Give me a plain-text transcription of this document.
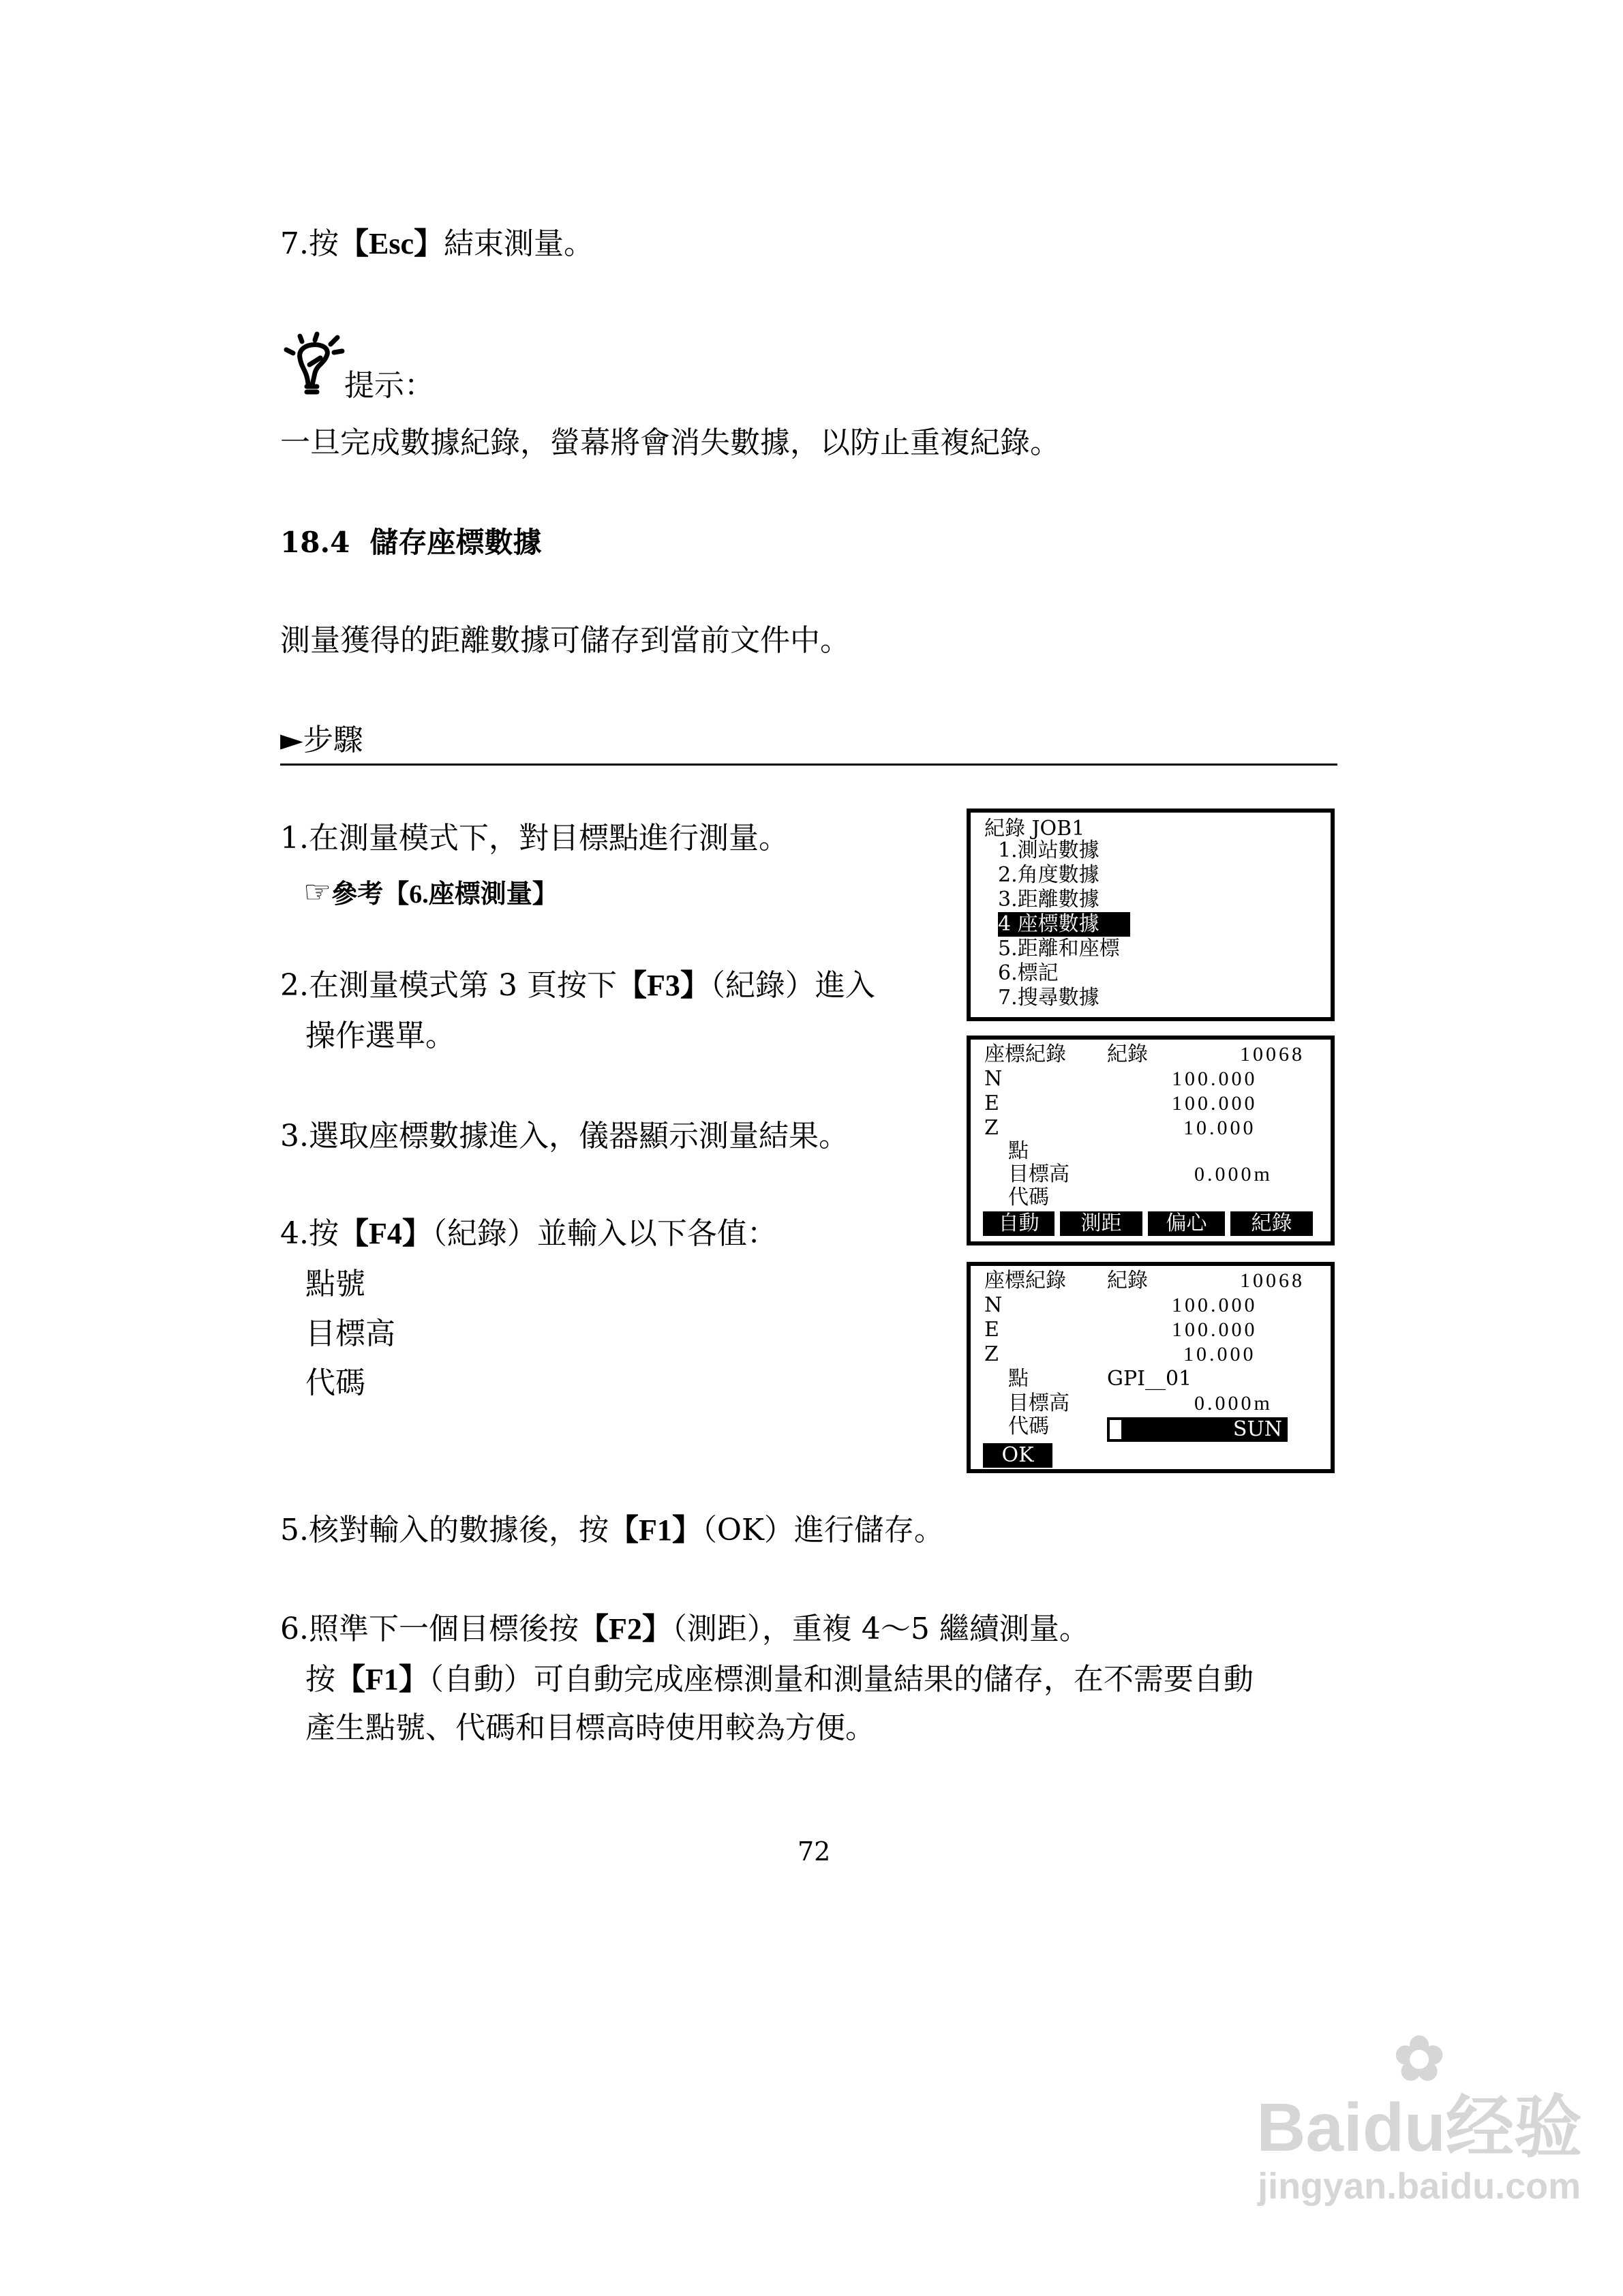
7.按【Esc】結束測量。
提示：
一旦完成數據紀錄，螢幕將會消失數據，以防止重複紀錄。
18.4 儲存座標數據
測量獲得的距離數據可儲存到當前文件中。
►步驟
1.在測量模式下，對目標點進行測量。
☞參考【6.座標測量】
2.在測量模式第 3 頁按下【F3】（紀錄）進入
操作選單。
3.選取座標數據進入，儀器顯示測量結果。
4.按【F4】（紀錄）並輸入以下各值：
點號
目標高
代碼
5.核對輸入的數據後，按【F1】（OK）進行儲存。
6.照準下一個目標後按【F2】（測距），重複 4～5 繼續測量。
按【F1】（自動）可自動完成座標測量和測量結果的儲存，在不需要自動
產生點號、代碼和目標高時使用較為方便。
紀錄 JOB1
1.測站數據
2.角度數據
3.距離數據
4 座標數據
5.距離和座標
6.標記
7.搜尋數據
座標紀錄 紀錄	10068
N	100.000
E	100.000
Z	10.000
點
目標高	0.000m
代碼
自動	測距	偏心	紀錄
座標紀錄 紀錄	10068
N	100.000
E	100.000
Z	10.000
點	GPI__01
目標高	0.000m
代碼	SUN
OK
72
✿
Baidu经验
jingyan.baidu.com
